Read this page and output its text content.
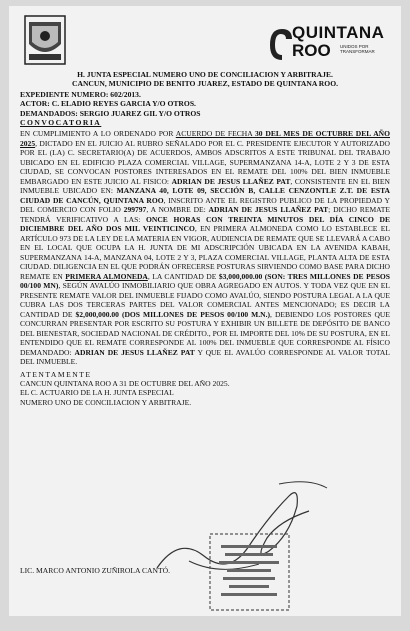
QUINTANA
ROO UNIDOS POR TRANSFORMAR
H. JUNTA ESPECIAL NUMERO UNO DE CONCILIACION Y ARBITRAJE.
CANCUN, MUNICIPIO DE BENITO JUAREZ, ESTADO DE QUINTANA ROO.
EXPEDIENTE NUMERO: 602/2013.
ACTOR: C. ELADIO REYES GARCIA Y/O OTROS.
DEMANDADOS: SERGIO JUAREZ GIL Y/O OTROS
CONVOCATORIA
EN CUMPLIMIENTO A LO ORDENADO POR ACUERDO DE FECHA 30 DEL MES DE OCTUBRE DEL AÑO 2025, DICTADO EN EL JUICIO AL RUBRO SEÑALADO POR EL C. PRESIDENTE EJECUTOR Y AUTORIZADO POR EL (LA) C. SECRETARIO(A) DE ACUERDOS, AMBOS ADSCRITOS A ESTE TRIBUNAL DEL TRABAJO UBICADO EN EL EDIFICIO PLAZA COMERCIAL VILLAGE, SUPERMANZANA 14-A, LOTE 2 Y 3 DE ESTA CIUDAD, SE CONVOCAN POSTORES INTERESADOS EN EL REMATE DEL 100% DEL BIEN INMUEBLE EMBARGADO EN ESTE JUICIO AL FISICO: ADRIAN DE JESUS LLAÑEZ PAT, CONSISTENTE EN EL BIEN INMUEBLE UBICADO EN: MANZANA 40, LOTE 09, SECCIÓN B, CALLE CENZONTLE Z.T. DE ESTA CIUDAD DE CANCÚN, QUINTANA ROO, INSCRITO ANTE EL REGISTRO PUBLICO DE LA PROPIEDAD Y DEL COMERCIO CON FOLIO 299797, A NOMBRE DE: ADRIAN DE JESUS LLAÑEZ PAT; DICHO REMATE TENDRÁ VERIFICATIVO A LAS: ONCE HORAS CON TREINTA MINUTOS DEL DÍA CINCO DE DICIEMBRE DEL AÑO DOS MIL VEINTICINCO, EN PRIMERA ALMONEDA COMO LO ESTABLECE EL ARTÍCULO 973 DE LA LEY DE LA MATERIA EN VIGOR, AUDIENCIA DE REMATE QUE SE LLEVARÁ A CABO EN EL LOCAL QUE OCUPA LA H. JUNTA DE MI ADSCRIPCIÓN UBICADA EN LA AVENIDA KABAH, SUPERMANZANA 14-A, MANZANA 04, LOTE 2 Y 3, PLAZA COMERCIAL VILLAGE, PLANTA ALTA DE ESTA CIUDAD. DILIGENCIA EN EL QUE PODRÁN OFRECERSE POSTURAS SIRVIENDO COMO BASE PARA DICHO REMATE EN PRIMERA ALMONEDA, LA CANTIDAD DE $3,000,000.00 (SON: TRES MILLONES DE PESOS 00/100 MN), SEGÚN AVALÚO INMOBILIARIO QUE OBRA AGREGADO EN AUTOS. Y TODA VEZ QUE EN EL PRESENTE REMATE VALOR DEL INMUEBLE FIJADO COMO AVALÚO, SIENDO POSTURA LEGAL A LA QUE CUBRA LAS DOS TERCERAS PARTES DEL VALOR COMERCIAL ANTES MENCIONADO; ES DECIR LA CANTIDAD DE $2,000,000.00 (DOS MILLONES DE PESOS 00/100 M.N.), DEBIENDO LOS POSTORES QUE CONCURRAN PRESENTAR POR ESCRITO SU POSTURA Y EXHIBIR UN BILLETE DE DEPÓSITO DE BANCO DEL BIENESTAR, SOCIEDAD NACIONAL DE CRÉDITO., POR EL IMPORTE DEL 10% DE SU POSTURA, EN EL ENTENDIDO QUE EL REMATE CORRESPONDE AL 100% DEL INMUEBLE QUE CORRESPONDE AL FÍSICO DEMANDADO: ADRIAN DE JESUS LLAÑEZ PAT Y QUE EL AVALÚO CORRESPONDE AL VALOR TOTAL DEL INMUEBLE.
ATENTAMENTE
CANCUN QUINTANA ROO A 31 DE OCTUBRE DEL AÑO 2025.
EL C. ACTUARIO DE LA H. JUNTA ESPECIAL
NUMERO UNO DE CONCILIACION Y ARBITRAJE.
LIC. MARCO ANTONIO ZUÑIROLA CANTÓ.
